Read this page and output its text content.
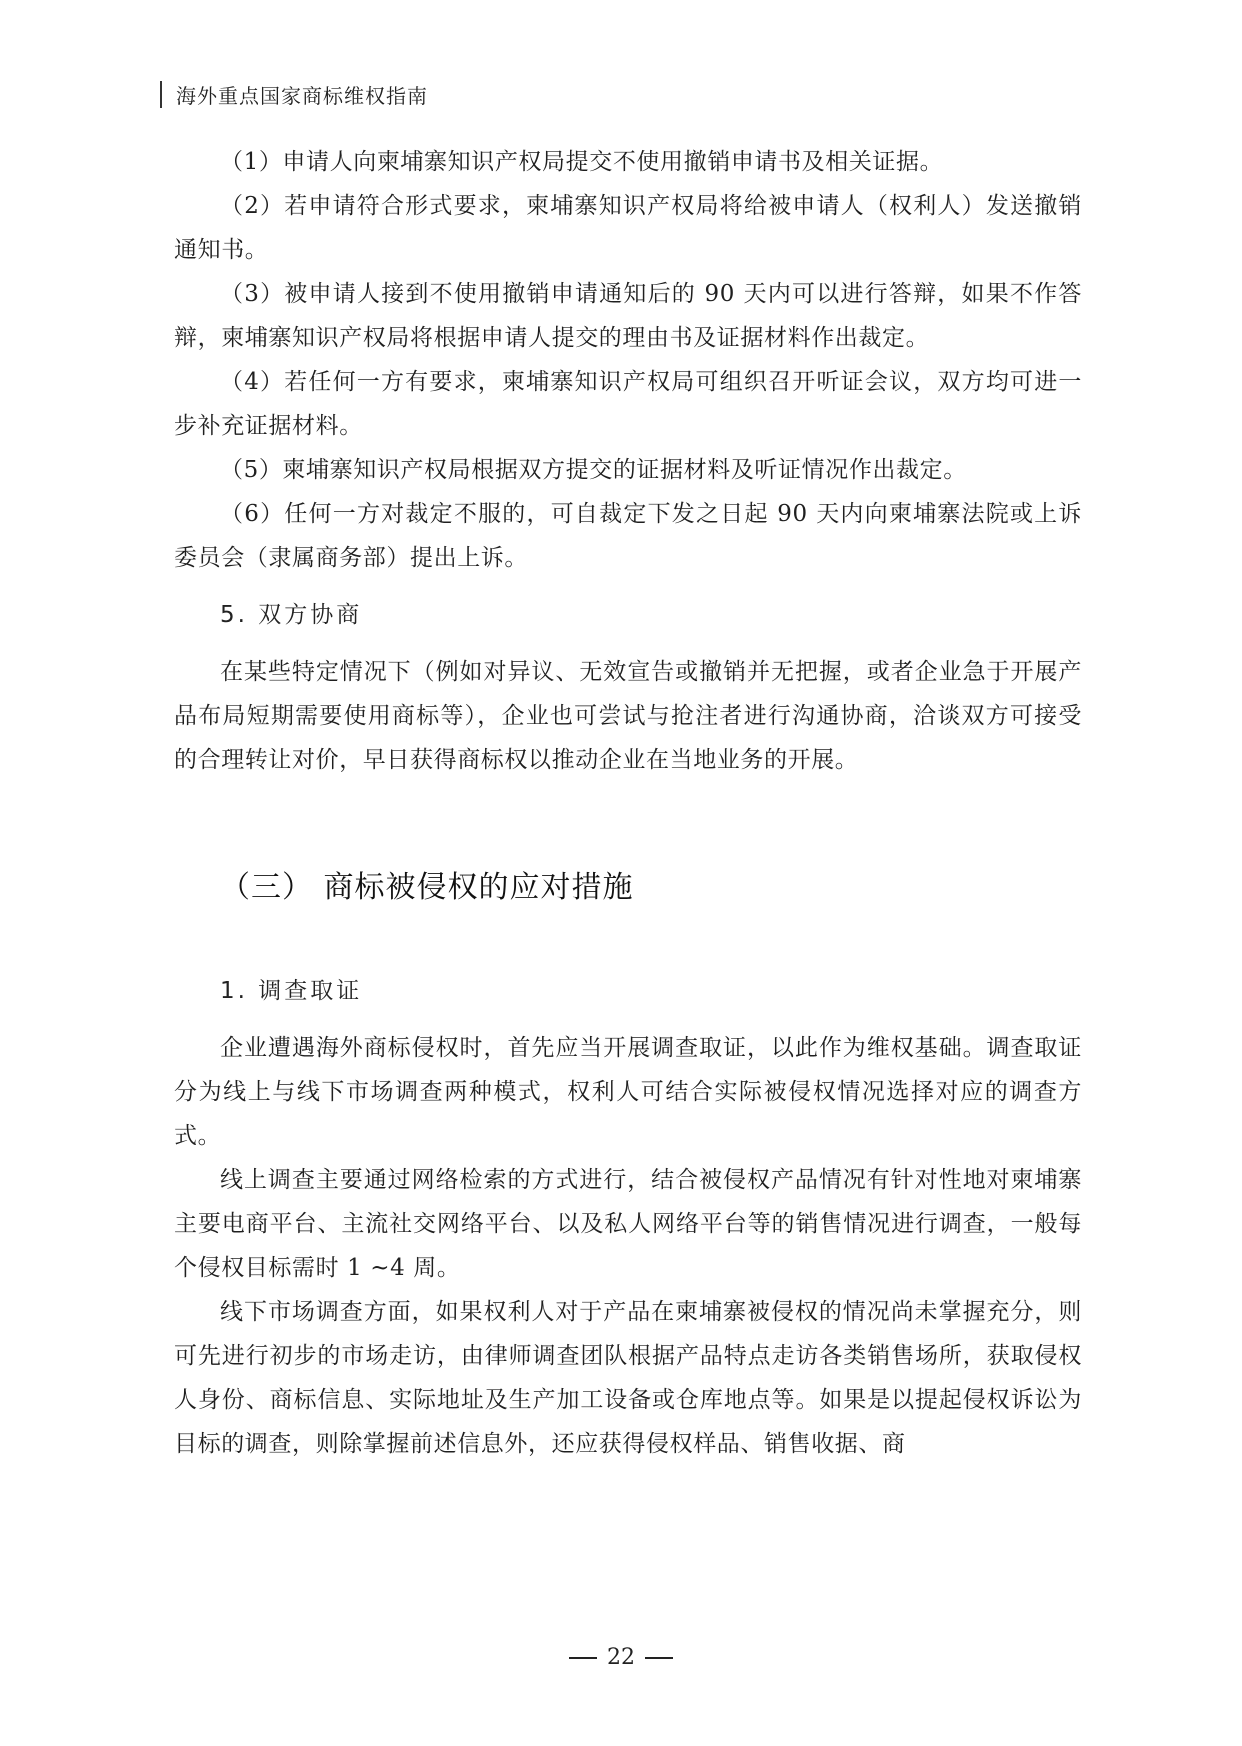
海外重点国家商标维权指南

（1）申请人向柬埔寨知识产权局提交不使用撤销申请书及相关证据。

（2）若申请符合形式要求，柬埔寨知识产权局将给被申请人（权利人）发送撤销通知书。

（3）被申请人接到不使用撤销申请通知后的 90 天内可以进行答辩，如果不作答辩，柬埔寨知识产权局将根据申请人提交的理由书及证据材料作出裁定。

（4）若任何一方有要求，柬埔寨知识产权局可组织召开听证会议，双方均可进一步补充证据材料。

（5）柬埔寨知识产权局根据双方提交的证据材料及听证情况作出裁定。

（6）任何一方对裁定不服的，可自裁定下发之日起 90 天内向柬埔寨法院或上诉委员会（隶属商务部）提出上诉。

5. 双方协商

在某些特定情况下（例如对异议、无效宣告或撤销并无把握，或者企业急于开展产品布局短期需要使用商标等），企业也可尝试与抢注者进行沟通协商，洽谈双方可接受的合理转让对价，早日获得商标权以推动企业在当地业务的开展。

（三） 商标被侵权的应对措施
1. 调查取证

企业遭遇海外商标侵权时，首先应当开展调查取证，以此作为维权基础。调查取证分为线上与线下市场调查两种模式，权利人可结合实际被侵权情况选择对应的调查方式。

线上调查主要通过网络检索的方式进行，结合被侵权产品情况有针对性地对柬埔寨主要电商平台、主流社交网络平台、以及私人网络平台等的销售情况进行调查，一般每个侵权目标需时 1 ~4 周。

线下市场调查方面，如果权利人对于产品在柬埔寨被侵权的情况尚未掌握充分，则可先进行初步的市场走访，由律师调查团队根据产品特点走访各类销售场所，获取侵权人身份、商标信息、实际地址及生产加工设备或仓库地点等。如果是以提起侵权诉讼为目标的调查，则除掌握前述信息外，还应获得侵权样品、销售收据、商

22
